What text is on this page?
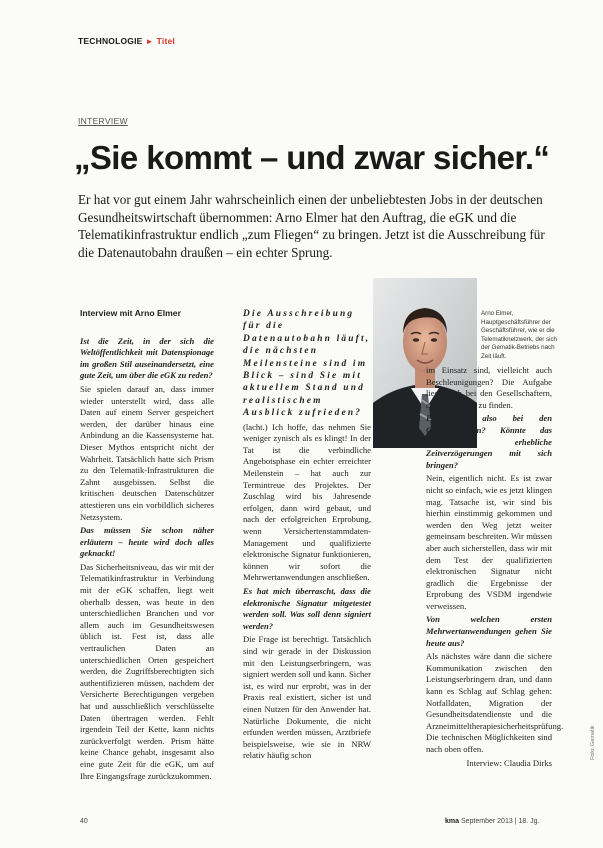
TECHNOLOGIE ► Titel
INTERVIEW
„Sie kommt – und zwar sicher.“

Er hat vor gut einem Jahr wahrscheinlich einen der unbeliebtesten Jobs in der deutschen Gesundheitswirtschaft übernommen: Arno Elmer hat den Auftrag, die eGK und die Telematikinfrastruktur endlich „zum Fliegen“ zu bringen. Jetzt ist die Ausschreibung für die Datenautobahn draußen – ein echter Sprung.

Interview mit Arno Elmer

Ist die Zeit, in der sich die Weltöffentlichkeit mit Datenspionage im großen Stil auseinandersetzt, eine gute Zeit, um über die eGK zu reden?

Sie spielen darauf an, dass immer wieder unterstellt wird, dass alle Daten auf einem Server gespeichert werden, der darüber hinaus eine Anbindung an die Kassensysteme hat. Dieser Mythos entspricht nicht der Wahrheit. Tatsächlich hatte sich Prism zu den Telematik-Infrastrukturen die Zahnt ausgebissen. Selbst die kritischen deutschen Datenschützer attestieren uns ein vorbildlich sicheres Netzsystem.

Das müssen Sie schon näher erläutern – heute wird doch alles geknackt!

Das Sicherheitsniveau, das wir mit der Telematikinfrastruktur in Verbindung mit der eGK schaffen, liegt weit oberhalb dessen, was heute in den unterschiedlichen Branchen und vor allem auch im Gesundheitswesen üblich ist. Fest ist, dass alle vertraulichen Daten an unterschiedlichen Orten gespeichert werden, die Zugriffsberechtigten sich authentifizieren müssen, nachdem der Versicherte Berechtigungen vergeben hat und ausschließlich verschlüsselte Daten übertragen werden. Fehlt irgendein Teil der Kette, kann nichts zurückverfolgt werden. Prism hätte keine Chance gehabt, insgesamt also eine gute Zeit für die eGK, um auf Ihre Eingangsfrage zurückzukommen.

Die Ausschreibung für die Datenautobahn läuft, die nächsten Meilensteine sind im Blick – sind Sie mit aktuellem Stand und realistischem Ausblick zufrieden?

(lacht.) Ich hoffe, das nehmen Sie weniger zynisch als es klingt! In der Tat ist die verbindliche Angebotsphase ein echter erreichter Meilenstein – hat auch zur Termintreue des Projektes. Der Zuschlag wird bis Jahresende erfolgen, dann wird gebaut, und nach der erfolgreichen Erprobung, wenn Versichertenstammdaten-Management und qualifizierte elektronische Signatur funktionieren, können wir sofort die Mehrwertanwendungen anschließen.

Es hat mich überrascht, dass die elektronische Signatur mitgetestet werden soll. Was soll denn signiert werden?

Die Frage ist berechtigt. Tatsächlich sind wir gerade in der Diskussion mit den Leistungserbringern, was signiert werden soll und kann. Sicher ist, es wird nur erprobt, was in der Praxis real existiert, sicher ist und einen Nutzen für den Anwender hat. Natürliche Dokumente, die nicht erfunden werden müssen, Arztbriefe beispielsweise, wie sie in NRW relativ häufig schon

Arno Elmer, Hauptgeschäftsführer der Geschäftsführer, wie er die Telematiknetzwerk, der sich der Gematik-Betriebs nach Zeit läuft.

im Einsatz sind, vielleicht auch Beschleunigungen? Die Aufgabe liegt noch bei den Gesellschaftern, einen Konsens zu finden.

Es liegt also bei den Gesellschaftern? Könnte das wieder erhebliche Zeitverzögerungen mit sich bringen?

Nein, eigentlich nicht. Es ist zwar nicht so einfach, wie es jetzt klingen mag. Tatsache ist, wir sind bis hierhin einstimmig gekommen und werden den Weg jetzt weiter gemeinsam beschreiten. Wir müssen aber auch sicherstellen, dass wir mit dem Test der qualifizierten elektronischen Signatur nicht gradlich die Ergebnisse der Erprobung des VSDM irgendwie verweissen.

Von welchen ersten Mehrwertanwendungen gehen Sie heute aus?

Als nächstes wäre dann die sichere Kommunikation zwischen den Leistungserbringern dran, und dann kann es Schlag auf Schlag gehen: Notfalldaten, Migration der Gesundheitsdatendienste und die Arzneimitteltherapiesicherheitsprüfung. Die technischen Möglichkeiten sind nach oben offen.

Interview: Claudia Dirks

40	kma September 2013 | 18. Jg.
Foto: Gematik
